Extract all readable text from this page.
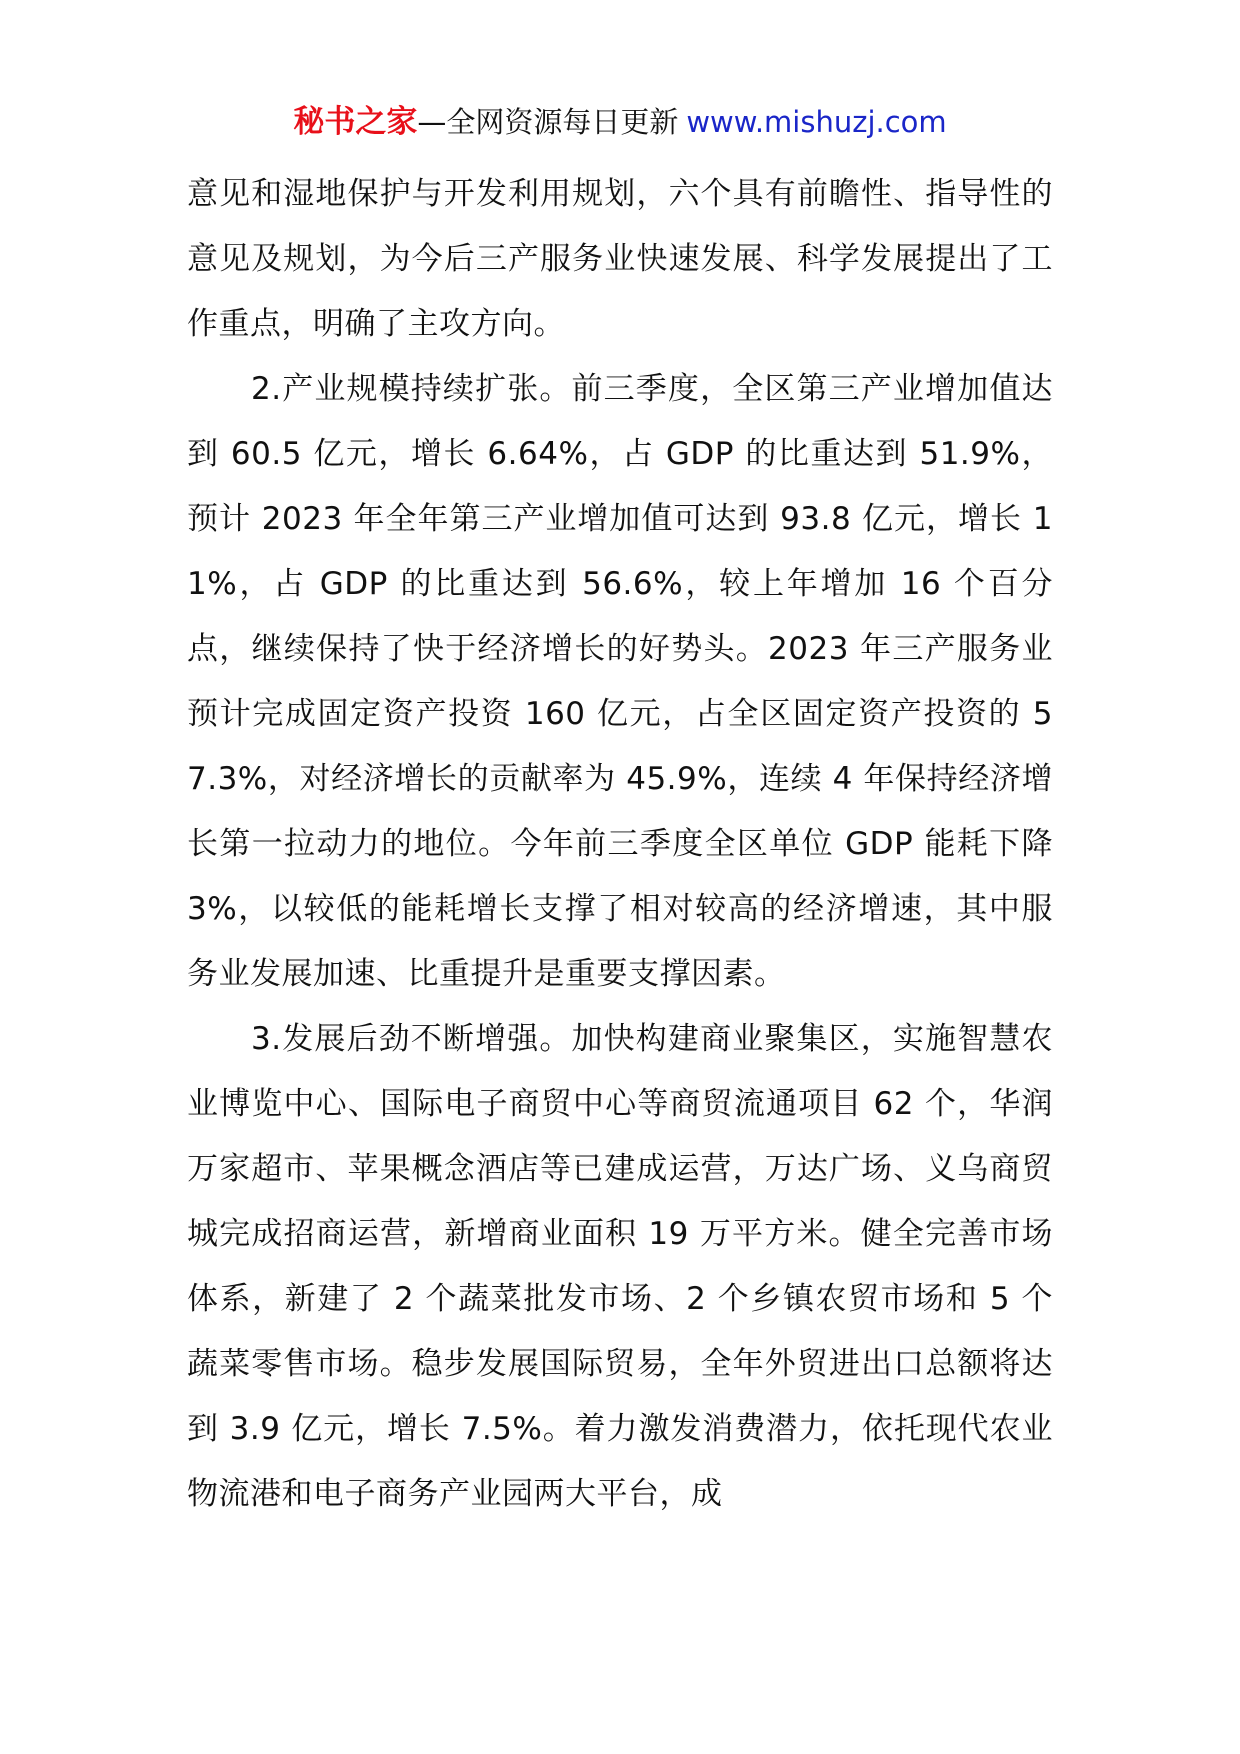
秘书之家—全网资源每日更新 www.mishuzj.com

意见和湿地保护与开发利用规划，六个具有前瞻性、指导性的意见及规划，为今后三产服务业快速发展、科学发展提出了工作重点，明确了主攻方向。

2.产业规模持续扩张。前三季度，全区第三产业增加值达到 60.5 亿元，增长 6.64%，占 GDP 的比重达到 51.9%，预计 2023 年全年第三产业增加值可达到 93.8 亿元，增长 11%，占 GDP 的比重达到 56.6%，较上年增加 16 个百分点，继续保持了快于经济增长的好势头。2023 年三产服务业预计完成固定资产投资 160 亿元，占全区固定资产投资的 57.3%，对经济增长的贡献率为 45.9%，连续 4 年保持经济增长第一拉动力的地位。今年前三季度全区单位 GDP 能耗下降 3%，以较低的能耗增长支撑了相对较高的经济增速，其中服务业发展加速、比重提升是重要支撑因素。

3.发展后劲不断增强。加快构建商业聚集区，实施智慧农业博览中心、国际电子商贸中心等商贸流通项目 62 个，华润万家超市、苹果概念酒店等已建成运营，万达广场、义乌商贸城完成招商运营，新增商业面积 19 万平方米。健全完善市场体系，新建了 2 个蔬菜批发市场、2 个乡镇农贸市场和 5 个蔬菜零售市场。稳步发展国际贸易，全年外贸进出口总额将达到 3.9 亿元，增长 7.5%。着力激发消费潜力，依托现代农业物流港和电子商务产业园两大平台，成
